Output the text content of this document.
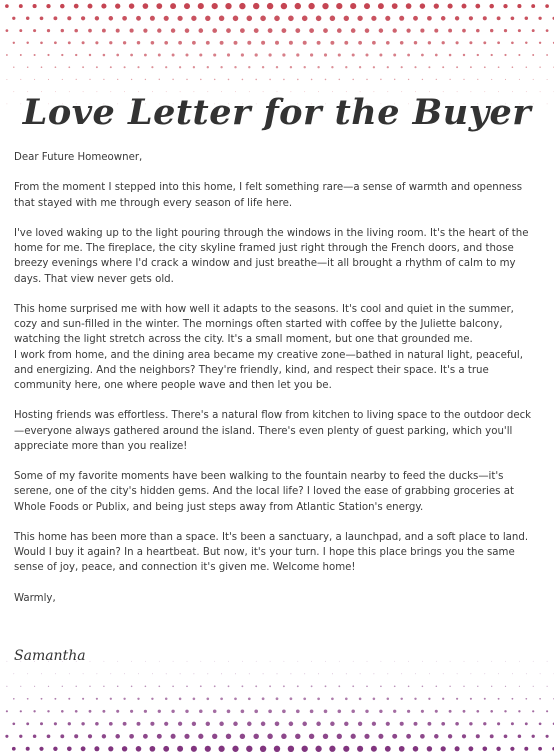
Love Letter for the Buyer

Dear Future Homeowner,

From the moment I stepped into this home, I felt something rare—a sense of warmth and openness that stayed with me through every season of life here.

I've loved waking up to the light pouring through the windows in the living room. It's the heart of the home for me. The fireplace, the city skyline framed just right through the French doors, and those breezy evenings where I'd crack a window and just breathe—it all brought a rhythm of calm to my days. That view never gets old.

This home surprised me with how well it adapts to the seasons. It's cool and quiet in the summer, cozy and sun-filled in the winter. The mornings often started with coffee by the Juliette balcony, watching the light stretch across the city. It's a small moment, but one that grounded me.

I work from home, and the dining area became my creative zone—bathed in natural light, peaceful, and energizing. And the neighbors? They're friendly, kind, and respect their space. It's a true community here, one where people wave and then let you be.

Hosting friends was effortless. There's a natural flow from kitchen to living space to the outdoor deck—everyone always gathered around the island. There's even plenty of guest parking, which you'll appreciate more than you realize!

Some of my favorite moments have been walking to the fountain nearby to feed the ducks—it's serene, one of the city's hidden gems. And the local life? I loved the ease of grabbing groceries at Whole Foods or Publix, and being just steps away from Atlantic Station's energy.

This home has been more than a space. It's been a sanctuary, a launchpad, and a soft place to land. Would I buy it again? In a heartbeat. But now, it's your turn. I hope this place brings you the same sense of joy, peace, and connection it's given me. Welcome home!

Warmly,

Samantha
